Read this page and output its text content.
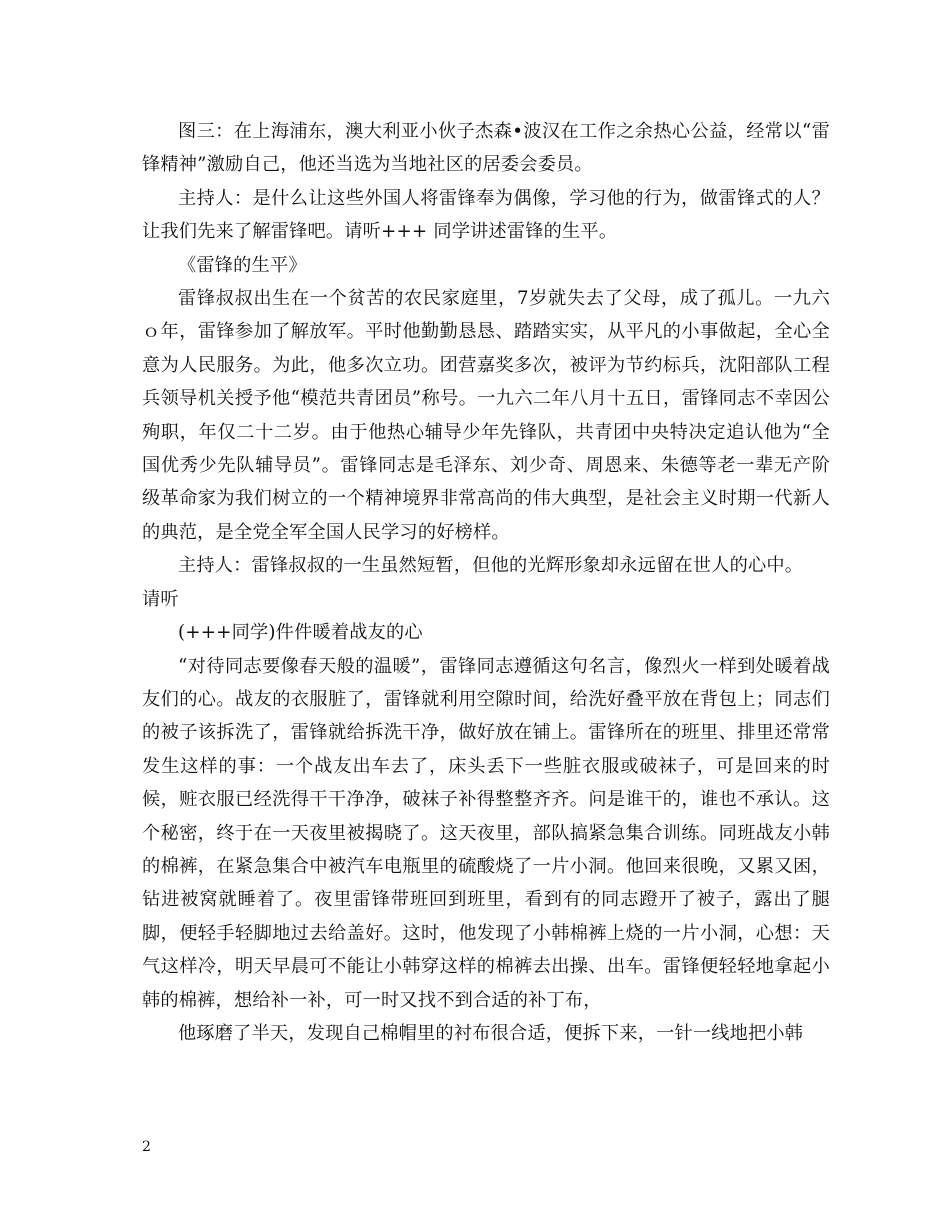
图三：在上海浦东，澳大利亚小伙子杰森•波汉在工作之余热心公益，经常以“雷锋精神”激励自己，他还当选为当地社区的居委会委员。

主持人：是什么让这些外国人将雷锋奉为偶像，学习他的行为，做雷锋式的人？让我们先来了解雷锋吧。请听+++ 同学讲述雷锋的生平。

《雷锋的生平》

雷锋叔叔出生在一个贫苦的农民家庭里，7岁就失去了父母，成了孤儿。一九六ｏ年，雷锋参加了解放军。平时他勤勤恳恳、踏踏实实，从平凡的小事做起，全心全意为人民服务。为此，他多次立功。团营嘉奖多次，被评为节约标兵，沈阳部队工程兵领导机关授予他“模范共青团员”称号。一九六二年八月十五日，雷锋同志不幸因公殉职，年仅二十二岁。由于他热心辅导少年先锋队，共青团中央特决定追认他为“全国优秀少先队辅导员”。雷锋同志是毛泽东、刘少奇、周恩来、朱德等老一辈无产阶级革命家为我们树立的一个精神境界非常高尚的伟大典型，是社会主义时期一代新人的典范，是全党全军全国人民学习的好榜样。

主持人：雷锋叔叔的一生虽然短暂，但他的光辉形象却永远留在世人的心中。

请听

(+++同学)件件暖着战友的心

“对待同志要像春天般的温暖”，雷锋同志遵循这句名言，像烈火一样到处暖着战友们的心。战友的衣服脏了，雷锋就利用空隙时间，给洗好叠平放在背包上；同志们的被子该拆洗了，雷锋就给拆洗干净，做好放在铺上。雷锋所在的班里、排里还常常发生这样的事：一个战友出车去了，床头丢下一些脏衣服或破袜子，可是回来的时候，赃衣服已经洗得干干净净，破袜子补得整整齐齐。问是谁干的，谁也不承认。这个秘密，终于在一天夜里被揭晓了。这天夜里，部队搞紧急集合训练。同班战友小韩的棉裤，在紧急集合中被汽车电瓶里的硫酸烧了一片小洞。他回来很晚，又累又困，钻进被窝就睡着了。夜里雷锋带班回到班里，看到有的同志蹬开了被子，露出了腿脚，便轻手轻脚地过去给盖好。这时，他发现了小韩棉裤上烧的一片小洞，心想：天气这样冷，明天早晨可不能让小韩穿这样的棉裤去出操、出车。雷锋便轻轻地拿起小韩的棉裤，想给补一补，可一时又找不到合适的补丁布，

他琢磨了半天，发现自己棉帽里的衬布很合适，便拆下来，一针一线地把小韩

2
